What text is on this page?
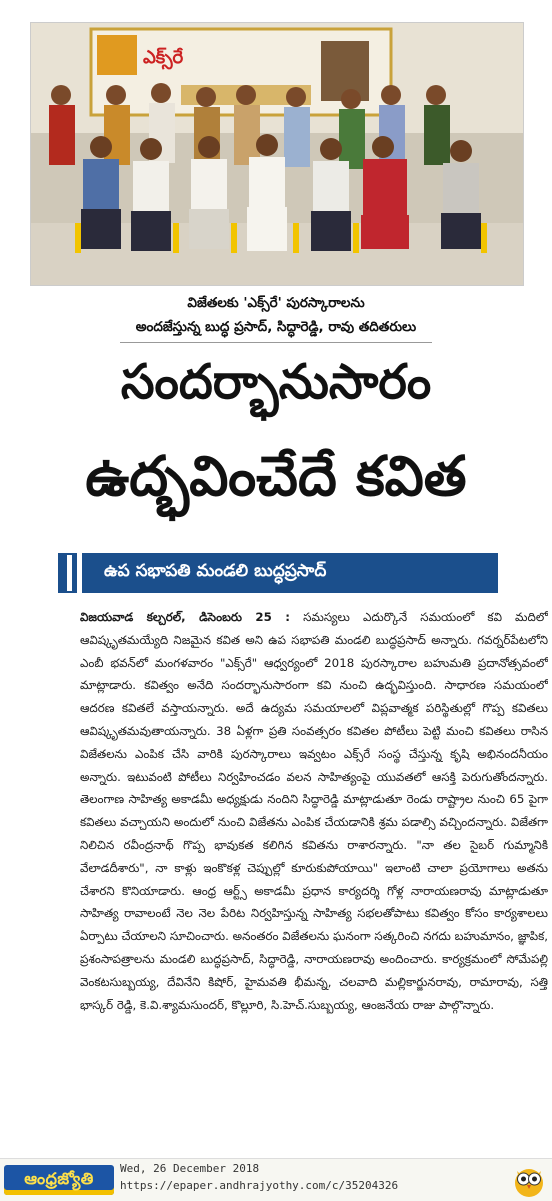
ఎక్స్‌రే
విజేతలకు 'ఎక్స్‌రే' పురస్కారాలను
అందజేస్తున్న బుద్ధ ప్రసాద్, సిద్ధారెడ్డి, రావు తదితరులు
సందర్భానుసారం
ఉద్భవించేదే కవిత
ఉప సభాపతి మండలి బుద్ధప్రసాద్
విజయవాడ కల్చరల్, డిసెంబరు 25 : సమస్యలు ఎదుర్కొనే సమయంలో కవి మదిలో ఆవిష్కృతమయ్యేది నిజమైన కవిత అని ఉప సభాపతి మండలి బుద్ధప్రసాద్ అన్నారు. గవర్నర్‌పేటలోని ఎంబీ భవన్‌లో మంగళవారం "ఎక్స్‌రే" ఆధ్వర్యంలో 2018 పురస్కారాల బహుమతి ప్రదానోత్సవంలో మాట్లాడారు. కవిత్వం అనేది సందర్భానుసారంగా కవి నుంచి ఉద్భవిస్తుంది. సాధారణ సమయంలో ఆదరణ కవితలే వస్తాయన్నారు. అదే ఉద్యమ సమయాలలో విప్లవాత్మక పరిస్థితుల్లో గొప్ప కవితలు ఆవిష్కృతమవుతాయన్నారు. 38 ఏళ్లగా ప్రతి సంవత్సరం కవితల పోటీలు పెట్టి మంచి కవితలు రాసిన విజేతలను ఎంపిక చేసి వారికి పురస్కారాలు ఇవ్వటం ఎక్స్‌రే సంస్థ చేస్తున్న కృషి అభినందనీయం అన్నారు. ఇటువంటి పోటీలు నిర్వహించడం వలన సాహిత్యంపై యువతలో ఆసక్తి పెరుగుతోందన్నారు. తెలంగాణ సాహిత్య అకాడమీ అధ్యక్షుడు నందిని సిద్ధారెడ్డి మాట్లాడుతూ రెండు రాష్ట్రాల నుంచి 65 పైగా కవితలు వచ్చాయని అందులో నుంచి విజేతను ఎంపిక చేయడానికి శ్రమ పడాల్సి వచ్చిందన్నారు. విజేతగా నిలిచిన రవీంద్రనాథ్ గొప్ప భావుకత కలిగిన కవితను రాశారన్నారు. "నా తల సైబర్ గుమ్మానికి వేలాడదీశారు", నా కాళ్లు ఇంకొకళ్ల చెప్పుల్లో కూరుకుపోయాయి" ఇలాంటి చాలా ప్రయోగాలు అతను చేశారని కొనియాడారు. ఆంధ్ర ఆర్ట్స్ అకాడమీ ప్రధాన కార్యదర్శి గోళ్ల నారాయణరావు మాట్లాడుతూ సాహిత్య రావాలంటే నెల నెల పేరిట నిర్వహిస్తున్న సాహిత్య సభలతోపాటు కవిత్వం కోసం కార్యశాలలు ఏర్పాటు చేయాలని సూచించారు. అనంతరం విజేతలను ఘనంగా సత్కరించి నగదు బహుమానం, జ్ఞాపిక, ప్రశంసాపత్రాలను మండలి బుద్ధప్రసాద్, సిద్ధారెడ్డి, నారాయణరావు అందించారు. కార్యక్రమంలో సోమేపల్లి వెంకటసుబ్బయ్య, దేవినేని కిషోర్, హైమవతి భీమన్న, చలవాది మల్లికార్జునరావు, రామారావు, సత్తి భాస్కర్ రెడ్డి, కె.వి.శ్యామసుందర్, కొల్లూరి, సి.హెచ్.సుబ్బయ్య, ఆంజనేయ రాజు పాల్గొన్నారు.
ఆంధ్రజ్యోతి Wed, 26 December 2018
https://epaper.andhrajyothy.com/c/35204326
